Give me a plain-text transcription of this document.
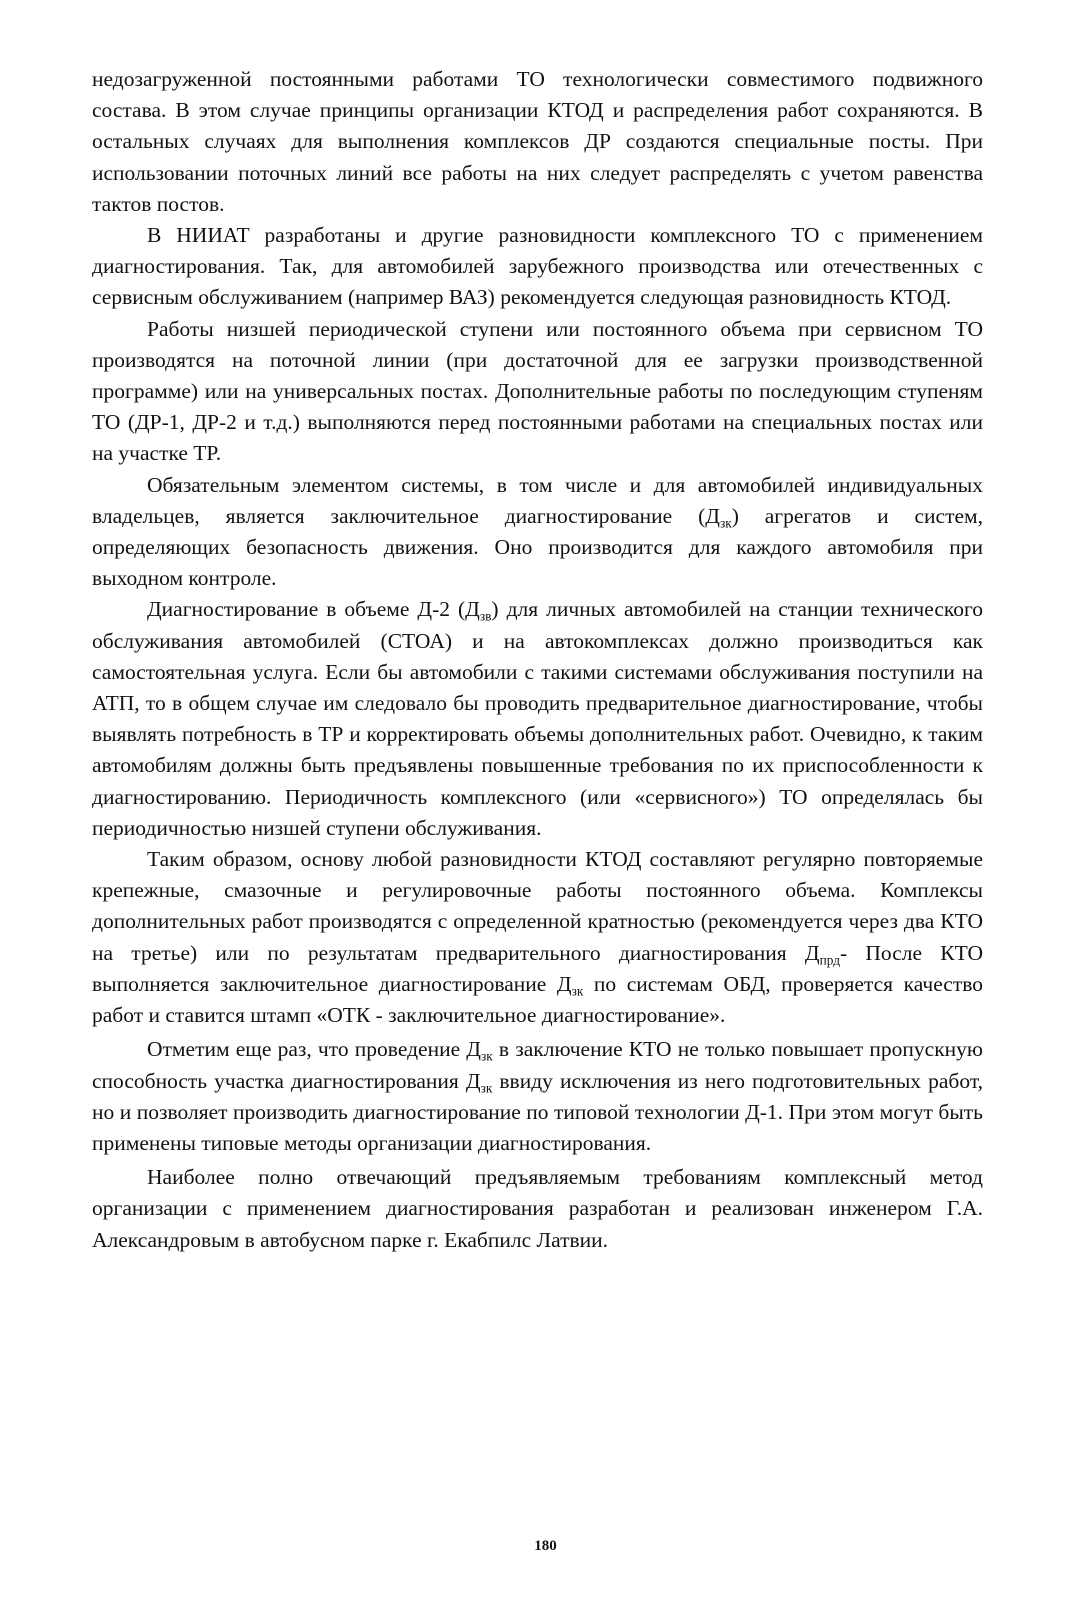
недозагруженной постоянными работами ТО технологически совместимого подвижного состава. В этом случае принципы организации КТОД и распределения работ сохраняются. В остальных случаях для выполнения комплексов ДР создаются специальные посты. При использовании поточных линий все работы на них следует распределять с учетом равенства тактов постов.

В НИИАТ разработаны и другие разновидности комплексного ТО с применением диагностирования. Так, для автомобилей зарубежного производства или отечественных с сервисным обслуживанием (например ВАЗ) рекомендуется следующая разновидность КТОД.

Работы низшей периодической ступени или постоянного объема при сервисном ТО производятся на поточной линии (при достаточной для ее загрузки производственной программе) или на универсальных постах. Дополнительные работы по последующим ступеням ТО (ДР-1, ДР-2 и т.д.) выполняются перед постоянными работами на специальных постах или на участке ТР.

Обязательным элементом системы, в том числе и для автомобилей индивидуальных владельцев, является заключительное диагностирование $(Д_{зк})$ агрегатов и систем, определяющих безопасность движения. Оно производится для каждого автомобиля при выходном контроле.

Диагностирование в объеме Д-2 $(Д_{зв})$ для личных автомобилей на станции технического обслуживания автомобилей (СТОА) и на автокомплексах должно производиться как самостоятельная услуга. Если бы автомобили с такими системами обслуживания поступили на АТП, то в общем случае им следовало бы проводить предварительное диагностирование, чтобы выявлять потребность в ТР и корректировать объемы дополнительных работ. Очевидно, к таким автомобилям должны быть предъявлены повышенные требования по их приспособленности к диагностированию. Периодичность комплексного (или «сервисного») ТО определялась бы периодичностью низшей ступени обслуживания.

Таким образом, основу любой разновидности КТОД составляют регулярно повторяемые крепежные, смазочные и регулировочные работы постоянного объема. Комплексы дополнительных работ производятся с определенной кратностью (рекомендуется через два КТО на третье) или по результатам предварительного диагностирования $Д_{прд}-$ После КТО выполняется заключительное диагностирование $Д_{зк}$ по системам ОБД, проверяется качество работ и ставится штамп «ОТК - заключительное диагностирование».

Отметим еще раз, что проведение $Д_{зк}$ в заключение КТО не только повышает пропускную способность участка диагностирования $Д_{зк}$ ввиду исключения из него подготовительных работ, но и позволяет производить диагностирование по типовой технологии Д-1. При этом могут быть применены типовые методы организации диагностирования.

Наиболее полно отвечающий предъявляемым требованиям комплексный метод организации с применением диагностирования разработан и реализован инженером Г.А. Александровым в автобусном парке г. Екабпилс Латвии.

180
